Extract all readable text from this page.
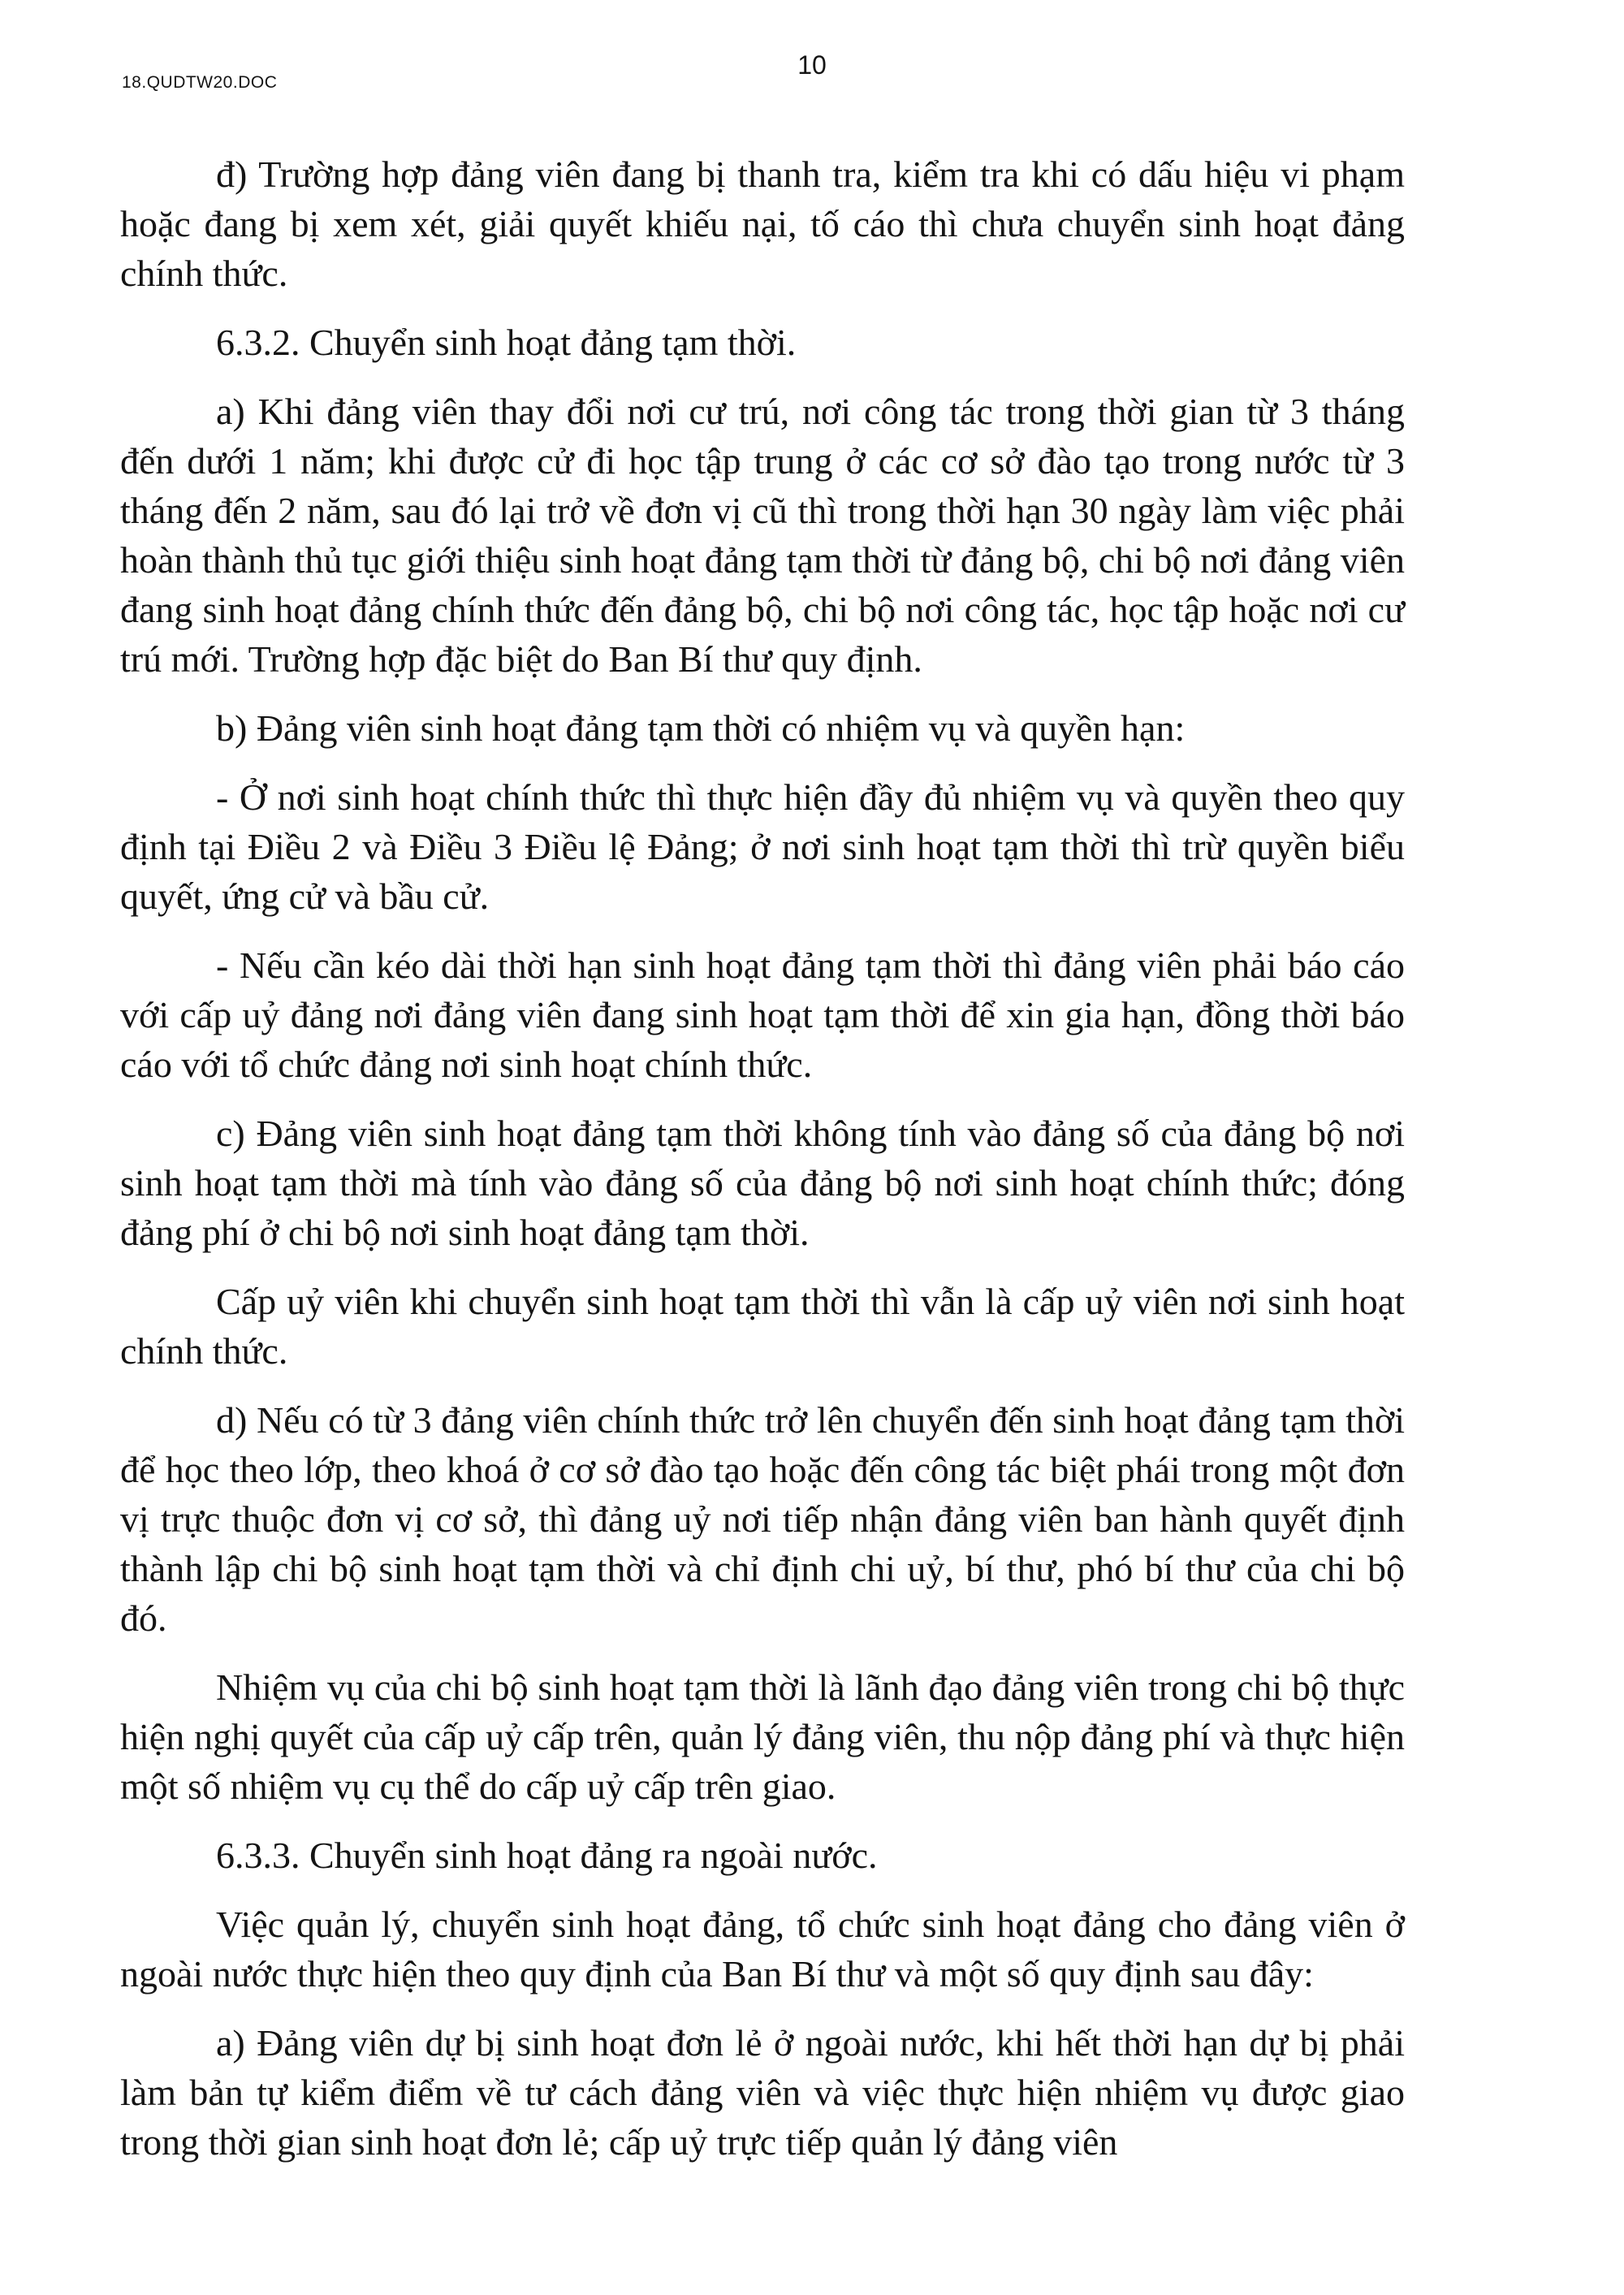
18.QUDTW20.DOC
10

đ) Trường hợp đảng viên đang bị thanh tra, kiểm tra khi có dấu hiệu vi phạm hoặc đang bị xem xét, giải quyết khiếu nại, tố cáo thì chưa chuyển sinh hoạt đảng chính thức.

6.3.2. Chuyển sinh hoạt đảng tạm thời.

a) Khi đảng viên thay đổi nơi cư trú, nơi công tác trong thời gian từ 3 tháng đến dưới 1 năm; khi được cử đi học tập trung ở các cơ sở đào tạo trong nước từ 3 tháng đến 2 năm, sau đó lại trở về đơn vị cũ thì trong thời hạn 30 ngày làm việc phải hoàn thành thủ tục giới thiệu sinh hoạt đảng tạm thời từ đảng bộ, chi bộ nơi đảng viên đang sinh hoạt đảng chính thức đến đảng bộ, chi bộ nơi công tác, học tập hoặc nơi cư trú mới. Trường hợp đặc biệt do Ban Bí thư quy định.

b) Đảng viên sinh hoạt đảng tạm thời có nhiệm vụ và quyền hạn:

- Ở nơi sinh hoạt chính thức thì thực hiện đầy đủ nhiệm vụ và quyền theo quy định tại Điều 2 và Điều 3 Điều lệ Đảng; ở nơi sinh hoạt tạm thời thì trừ quyền biểu quyết, ứng cử và bầu cử.

- Nếu cần kéo dài thời hạn sinh hoạt đảng tạm thời thì đảng viên phải báo cáo với cấp uỷ đảng nơi đảng viên đang sinh hoạt tạm thời để xin gia hạn, đồng thời báo cáo với tổ chức đảng nơi sinh hoạt chính thức.

c) Đảng viên sinh hoạt đảng tạm thời không tính vào đảng số của đảng bộ nơi sinh hoạt tạm thời mà tính vào đảng số của đảng bộ nơi sinh hoạt chính thức; đóng đảng phí ở chi bộ nơi sinh hoạt đảng tạm thời.

Cấp uỷ viên khi chuyển sinh hoạt tạm thời thì vẫn là cấp uỷ viên nơi sinh hoạt chính thức.

d) Nếu có từ 3 đảng viên chính thức trở lên chuyển đến sinh hoạt đảng tạm thời để học theo lớp, theo khoá ở cơ sở đào tạo hoặc đến công tác biệt phái trong một đơn vị trực thuộc đơn vị cơ sở, thì đảng uỷ nơi tiếp nhận đảng viên ban hành quyết định thành lập chi bộ sinh hoạt tạm thời và chỉ định chi uỷ, bí thư, phó bí thư của chi bộ đó.

Nhiệm vụ của chi bộ sinh hoạt tạm thời là lãnh đạo đảng viên trong chi bộ thực hiện nghị quyết của cấp uỷ cấp trên, quản lý đảng viên, thu nộp đảng phí và thực hiện một số nhiệm vụ cụ thể do cấp uỷ cấp trên giao.

6.3.3. Chuyển sinh hoạt đảng ra ngoài nước.

Việc quản lý, chuyển sinh hoạt đảng, tổ chức sinh hoạt đảng cho đảng viên ở ngoài nước thực hiện theo quy định của Ban Bí thư và một số quy định sau đây:

a) Đảng viên dự bị sinh hoạt đơn lẻ ở ngoài nước, khi hết thời hạn dự bị phải làm bản tự kiểm điểm về tư cách đảng viên và việc thực hiện nhiệm vụ được giao trong thời gian sinh hoạt đơn lẻ; cấp uỷ trực tiếp quản lý đảng viên
